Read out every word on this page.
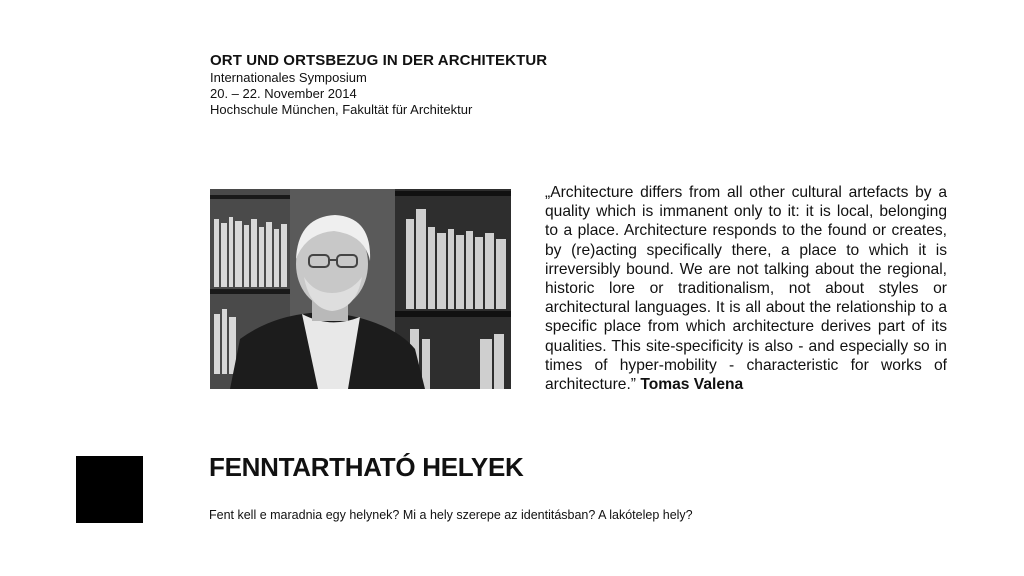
ORT UND ORTSBEZUG IN DER ARCHITEKTUR
Internationales Symposium
20. – 22. November 2014
Hochschule München, Fakultät für Architektur
„Architecture differs from all other cultural artefacts by a quality which is immanent only to it: it is local, belonging to a place. Architecture responds to the found or creates, by (re)acting specifically there, a place to which it is irreversibly bound. We are not talking about the regional, historic lore or traditionalism, not about styles or architectural languages. It is all about the relationship to a specific place from which architecture derives part of its qualities. This site-specificity is also - and especially so in times of hyper-mobility - characteristic for works of architecture.” Tomas Valena
FENNTARTHATÓ HELYEK
Fent kell e maradnia egy helynek? Mi a hely szerepe az identitásban? A lakótelep hely?
